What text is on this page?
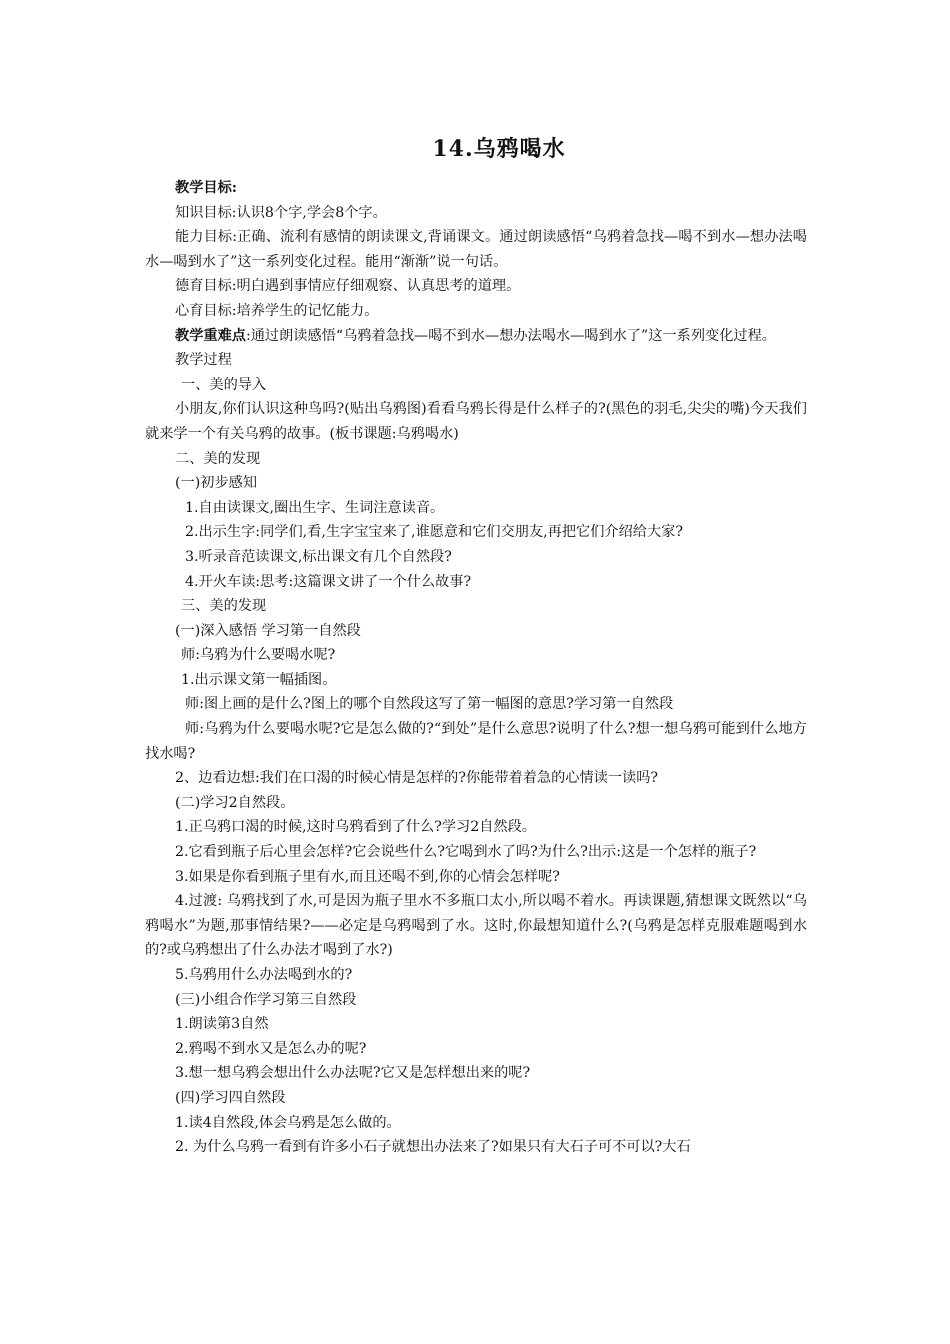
14.乌鸦喝水

教学目标:

知识目标:认识8个字,学会8个字。

能力目标:正确、流利有感情的朗读课文,背诵课文。通过朗读感悟“乌鸦着急找—喝不到水—想办法喝水—喝到水了”这一系列变化过程。能用“渐渐”说一句话。

德育目标:明白遇到事情应仔细观察、认真思考的道理。

心育目标:培养学生的记忆能力。

教学重难点:通过朗读感悟“乌鸦着急找—喝不到水—想办法喝水—喝到水了”这一系列变化过程。

教学过程

一、美的导入

小朋友,你们认识这种鸟吗?(贴出乌鸦图)看看乌鸦长得是什么样子的?(黑色的羽毛,尖尖的嘴)今天我们就来学一个有关乌鸦的故事。(板书课题:乌鸦喝水)

二、美的发现

(一)初步感知

1.自由读课文,圈出生字、生词注意读音。

2.出示生字:同学们,看,生字宝宝来了,谁愿意和它们交朋友,再把它们介绍给大家?

3.听录音范读课文,标出课文有几个自然段?

4.开火车读:思考:这篇课文讲了一个什么故事?

三、美的发现

(一)深入感悟 学习第一自然段

师:乌鸦为什么要喝水呢?

1.出示课文第一幅插图。

师:图上画的是什么?图上的哪个自然段这写了第一幅图的意思?学习第一自然段

师:乌鸦为什么要喝水呢?它是怎么做的?“到处”是什么意思?说明了什么?想一想乌鸦可能到什么地方找水喝?

2、边看边想:我们在口渴的时候心情是怎样的?你能带着着急的心情读一读吗?

(二)学习2自然段。

1.正乌鸦口渴的时候,这时乌鸦看到了什么?学习2自然段。

2.它看到瓶子后心里会怎样?它会说些什么?它喝到水了吗?为什么?出示:这是一个怎样的瓶子?

3.如果是你看到瓶子里有水,而且还喝不到,你的心情会怎样呢?

4.过渡: 乌鸦找到了水,可是因为瓶子里水不多瓶口太小,所以喝不着水。再读课题,猜想课文既然以“乌鸦喝水”为题,那事情结果?——必定是乌鸦喝到了水。这时,你最想知道什么?(乌鸦是怎样克服难题喝到水的?或乌鸦想出了什么办法才喝到了水?)

5.乌鸦用什么办法喝到水的?

(三)小组合作学习第三自然段

1.朗读第3自然

2.鸦喝不到水又是怎么办的呢?

3.想一想乌鸦会想出什么办法呢?它又是怎样想出来的呢?

(四)学习四自然段

1.读4自然段,体会乌鸦是怎么做的。

2. 为什么乌鸦一看到有许多小石子就想出办法来了?如果只有大石子可不可以?大石
